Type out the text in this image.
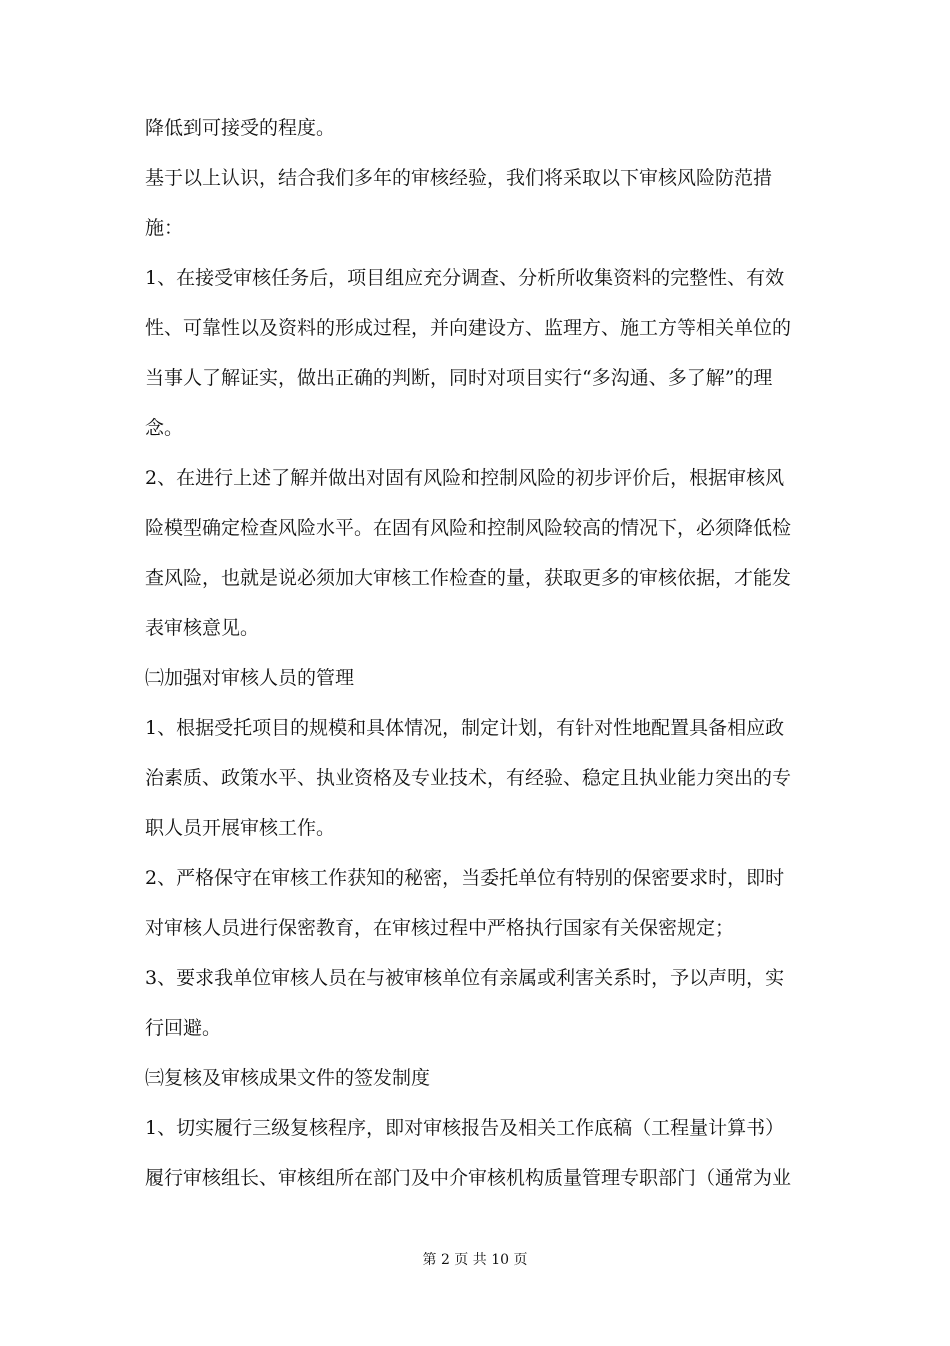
降低到可接受的程度。
基于以上认识，结合我们多年的审核经验，我们将采取以下审核风险防范措
施：
1、在接受审核任务后，项目组应充分调查、分析所收集资料的完整性、有效
性、可靠性以及资料的形成过程，并向建设方、监理方、施工方等相关单位的
当事人了解证实，做出正确的判断，同时对项目实行“多沟通、多了解”的理
念。
2、在进行上述了解并做出对固有风险和控制风险的初步评价后，根据审核风
险模型确定检查风险水平。在固有风险和控制风险较高的情况下，必须降低检
查风险，也就是说必须加大审核工作检查的量，获取更多的审核依据，才能发
表审核意见。
㈡加强对审核人员的管理
1、根据受托项目的规模和具体情况，制定计划，有针对性地配置具备相应政
治素质、政策水平、执业资格及专业技术，有经验、稳定且执业能力突出的专
职人员开展审核工作。
2、严格保守在审核工作获知的秘密，当委托单位有特别的保密要求时，即时
对审核人员进行保密教育，在审核过程中严格执行国家有关保密规定；
3、要求我单位审核人员在与被审核单位有亲属或利害关系时，予以声明，实
行回避。
㈢复核及审核成果文件的签发制度
1、切实履行三级复核程序，即对审核报告及相关工作底稿（工程量计算书）
履行审核组长、审核组所在部门及中介审核机构质量管理专职部门（通常为业
第 2 页 共 10 页
